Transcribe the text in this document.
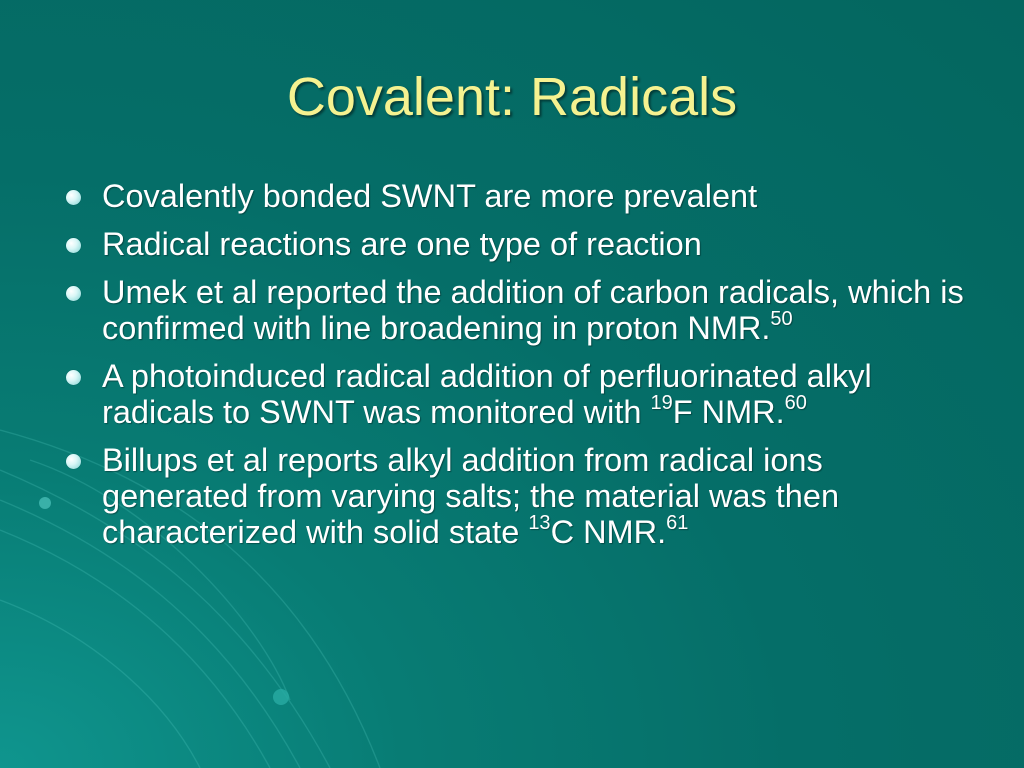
Covalent: Radicals
Covalently bonded SWNT are more prevalent
Radical reactions are one type of reaction
Umek et al reported the addition of carbon radicals, which is confirmed with line broadening in proton NMR.$^{50}$
A photoinduced radical addition of perfluorinated alkyl radicals to SWNT was monitored with $^{19}$F NMR.$^{60}$
Billups et al reports alkyl addition from radical ions generated from varying salts; the material was then characterized with solid state $^{13}$C NMR.$^{61}$
